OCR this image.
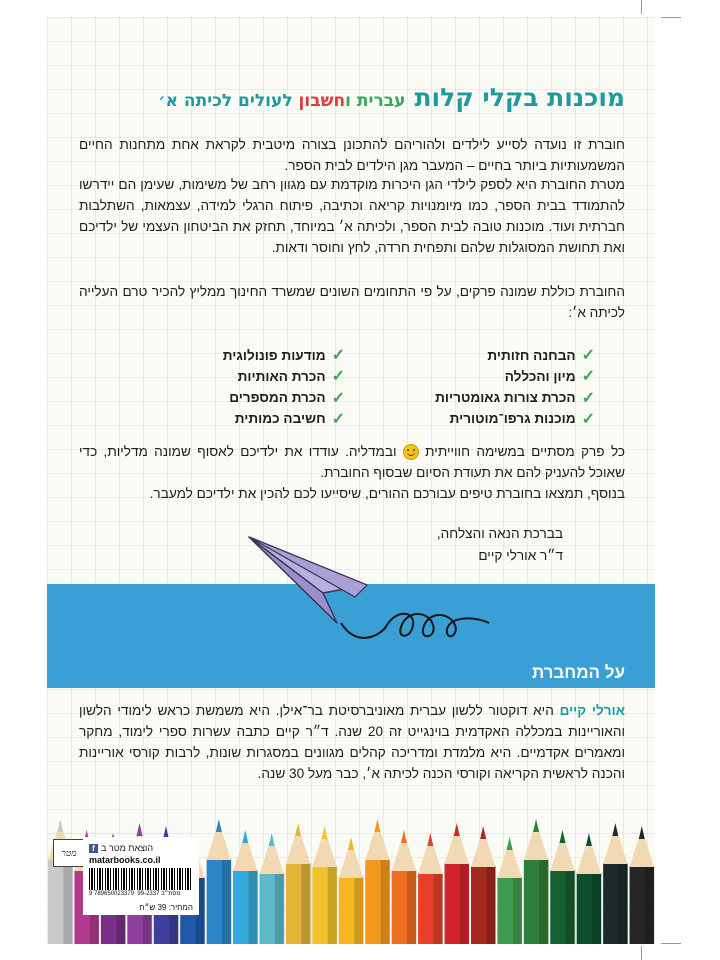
מוכנות בקלי קלות
עברית וחשבון לעולים לכיתה א׳

חוברת זו נועדה לסייע לילדים ולהוריהם להתכונן בצורה מיטבית לקראת אחת מתחנות החיים המשמעותיות ביותר בחיים – המעבר מגן הילדים לבית הספר.

מטרת החוברת היא לספק לילדי הגן היכרות מוקדמת עם מגוון רחב של משימות, שעימן הם יידרשו להתמודד בבית הספר, כמו מיומנויות קריאה וכתיבה, פיתוח הרגלי למידה, עצמאות, השתלבות חברתית ועוד. מוכנות טובה לבית הספר, ולכיתה א׳ במיוחד, תחזק את הביטחון העצמי של ילדיכם ואת תחושת המסוגלות שלהם ותפחית חרדה, לחץ וחוסר ודאות.

החוברת כוללת שמונה פרקים, על פי התחומים השונים שמשרד החינוך ממליץ להכיר טרם העלייה לכיתה א׳:

✓
הבחנה חזותית
✓
מודעות פונולוגית
✓
מיון והכללה
✓
הכרת האותיות
✓
הכרת צורות גאומטריות
✓
הכרת המספרים
✓
מוכנות גרפו־מוטורית
✓
חשיבה כמותית

כל פרק מסתיים במשימה חווייתית  ובמדליה. עודדו את ילדיכם לאסוף שמונה מדליות, כדי שאוכל להעניק להם את תעודת הסיום שבסוף החוברת.
בנוסף, תמצאו בחוברת טיפים עבורכם ההורים, שיסייעו לכם להכין את ילדיכם למעבר.

בברכת הנאה והצלחה,
ד״ר אורלי קיים
על המחברת

אורלי קיים היא דוקטור ללשון עברית מאוניברסיטת בר־אילן. היא משמשת כראש לימודי הלשון והאוריינות במכללה האקדמית בוינגייט זה 20 שנה. ד״ר קיים כתבה עשרות ספרי לימוד, מחקר ומאמרים אקדמיים. היא מלמדת ומדריכה קהלים מגוונים במסגרות שונות, לרבות קורסי אוריינות והכנה לראשית הקריאה וקורסי הכנה לכיתה א׳, כבר מעל 30 שנה.

מטר
f הוצאת מטר ב
matarbooks.co.il
9 789650023379 מסת״ב 99-2337
המחיר: 39 ש״ח
